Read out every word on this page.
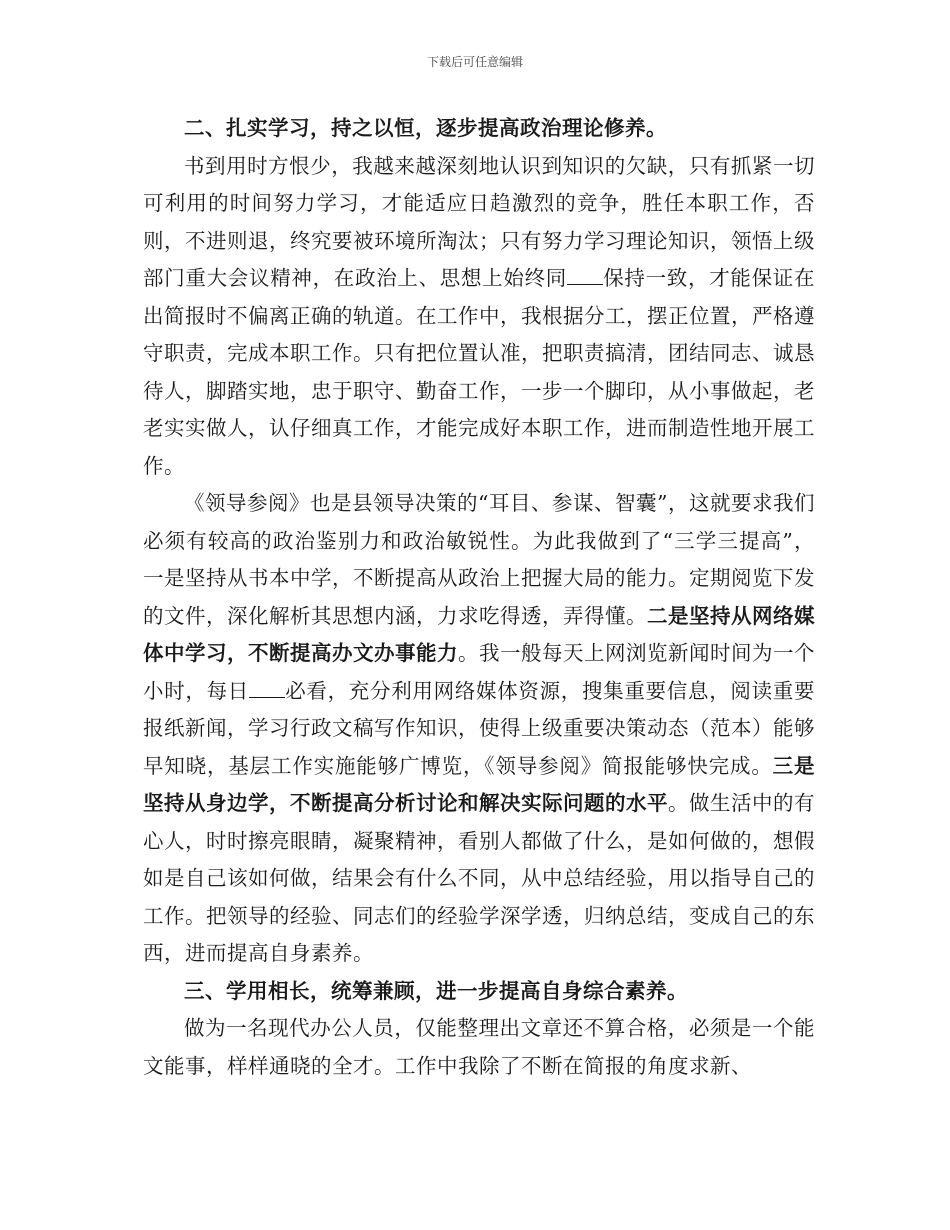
下载后可任意编辑

二、扎实学习，持之以恒，逐步提高政治理论修养。

书到用时方恨少，我越来越深刻地认识到知识的欠缺，只有抓紧一切可利用的时间努力学习，才能适应日趋激烈的竞争，胜任本职工作，否则，不进则退，终究要被环境所淘汰；只有努力学习理论知识，领悟上级部门重大会议精神，在政治上、思想上始终同 保持一致，才能保证在出简报时不偏离正确的轨道。在工作中，我根据分工，摆正位置，严格遵守职责，完成本职工作。只有把位置认准，把职责搞清，团结同志、诚恳待人，脚踏实地，忠于职守、勤奋工作，一步一个脚印，从小事做起，老老实实做人，认仔细真工作，才能完成好本职工作，进而制造性地开展工作。

《领导参阅》也是县领导决策的“耳目、参谋、智囊”，这就要求我们必须有较高的政治鉴别力和政治敏锐性。为此我做到了“三学三提高”，一是坚持从书本中学，不断提高从政治上把握大局的能力。定期阅览下发的文件，深化解析其思想内涵，力求吃得透，弄得懂。二是坚持从网络媒体中学习，不断提高办文办事能力。我一般每天上网浏览新闻时间为一个小时，每日 必看，充分利用网络媒体资源，搜集重要信息，阅读重要报纸新闻，学习行政文稿写作知识，使得上级重要决策动态（范本）能够早知晓，基层工作实施能够广博览，《领导参阅》简报能够快完成。三是坚持从身边学，不断提高分析讨论和解决实际问题的水平。做生活中的有心人，时时擦亮眼睛，凝聚精神，看别人都做了什么，是如何做的，想假如是自己该如何做，结果会有什么不同，从中总结经验，用以指导自己的工作。把领导的经验、同志们的经验学深学透，归纳总结，变成自己的东西，进而提高自身素养。

三、学用相长，统筹兼顾，进一步提高自身综合素养。

做为一名现代办公人员，仅能整理出文章还不算合格，必须是一个能文能事，样样通晓的全才。工作中我除了不断在简报的角度求新、
